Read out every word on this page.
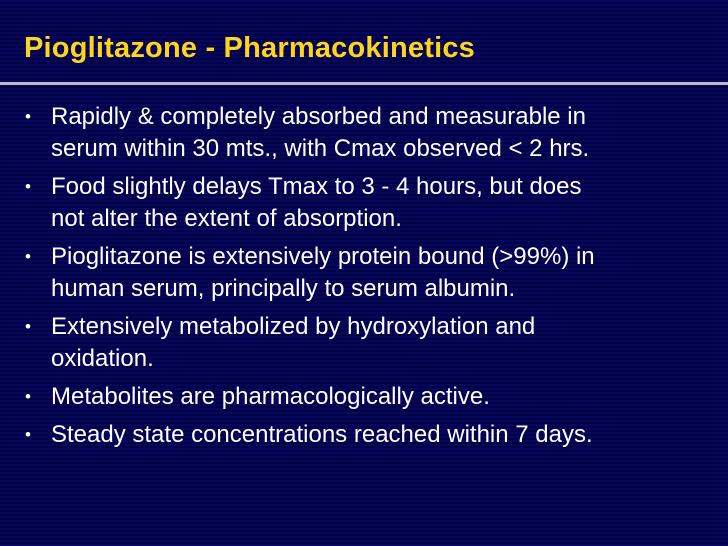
Pioglitazone - Pharmacokinetics
• Rapidly & completely absorbed and measurable in
serum within 30 mts., with Cmax observed < 2 hrs.
• Food slightly delays Tmax to 3 - 4 hours, but does
not alter the extent of absorption.
• Pioglitazone is extensively protein bound (>99%) in
human serum, principally to serum albumin.
• Extensively metabolized by hydroxylation and
oxidation.
• Metabolites are pharmacologically active.
• Steady state concentrations reached within 7 days.
